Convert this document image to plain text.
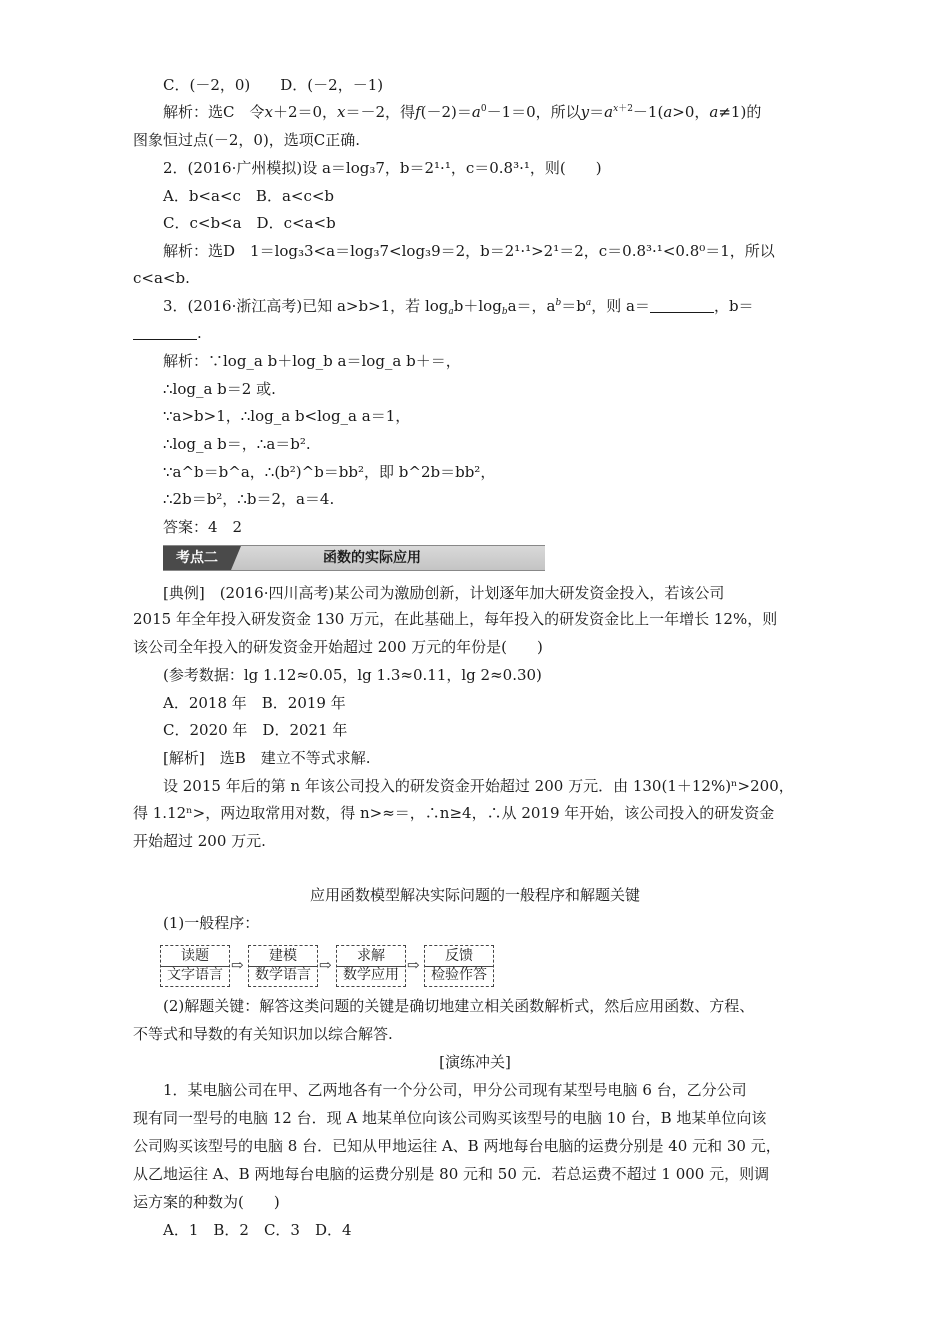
C．(－2，0)　　D．(－2，－1)
解析：选C　令x＋2＝0，x＝－2，得$f(-2)=a^0-1=0$，所以$y=a^{x+2}-1(a>0$，a≠1)的
图象恒过点(－2，0)，选项C正确.
2．(2016·广州模拟)设 a＝log₃7，b＝2¹·¹，c＝0.8³·¹，则(　　)
A．b<a<c　B．a<c<b
C．c<b<a　D．c<a<b
解析：选D　1＝log₃3<a＝log₃7<log₃9＝2，b＝2¹·¹>2¹＝2，c＝0.8³·¹<0.8⁰＝1，所以
c<a<b.
3．(2016·浙江高考)已知 a>b>1，若 $\log_ab+\log_ba=$，$a^b=b^a$，则 a＝	，b＝
.
解析：∵log_a b＋log_b a＝log_a b＋＝，
∴log_a b＝2 或.
∵a>b>1，∴log_a b<log_a a＝1，
∴log_a b＝，∴a＝b².
∵a^b＝b^a，∴(b²)^b＝bb²，即 b^2b＝bb²，
∴2b＝b²，∴b＝2，a＝4.
答案：4　2
考点二	函数的实际应用
[典例]　(2016·四川高考)某公司为激励创新，计划逐年加大研发资金投入，若该公司
2015 年全年投入研发资金 130 万元，在此基础上，每年投入的研发资金比上一年增长 12%，则
该公司全年投入的研发资金开始超过 200 万元的年份是(　　)
(参考数据：lg 1.12≈0.05，lg 1.3≈0.11，lg 2≈0.30)
A．2018 年　B．2019 年
C．2020 年　D．2021 年
[解析]　选B　建立不等式求解.
设 2015 年后的第 n 年该公司投入的研发资金开始超过 200 万元．由 130(1＋12%)ⁿ>200，
得 1.12ⁿ>，两边取常用对数，得 n>≈＝，∴n≥4，∴从 2019 年开始，该公司投入的研发资金
开始超过 200 万元.
应用函数模型解决实际问题的一般程序和解题关键
(1)一般程序：
读题
文字语言
⇨	建模
数学语言
⇨	求解
数学应用
⇨	反馈
检验作答
(2)解题关键：解答这类问题的关键是确切地建立相关函数解析式，然后应用函数、方程、
不等式和导数的有关知识加以综合解答.
[演练冲关]
1．某电脑公司在甲、乙两地各有一个分公司，甲分公司现有某型号电脑 6 台，乙分公司
现有同一型号的电脑 12 台．现 A 地某单位向该公司购买该型号的电脑 10 台，B 地某单位向该
公司购买该型号的电脑 8 台．已知从甲地运往 A、B 两地每台电脑的运费分别是 40 元和 30 元，
从乙地运往 A、B 两地每台电脑的运费分别是 80 元和 50 元．若总运费不超过 1 000 元，则调
运方案的种数为(　　)
A．1　B．2　C．3　D．4
